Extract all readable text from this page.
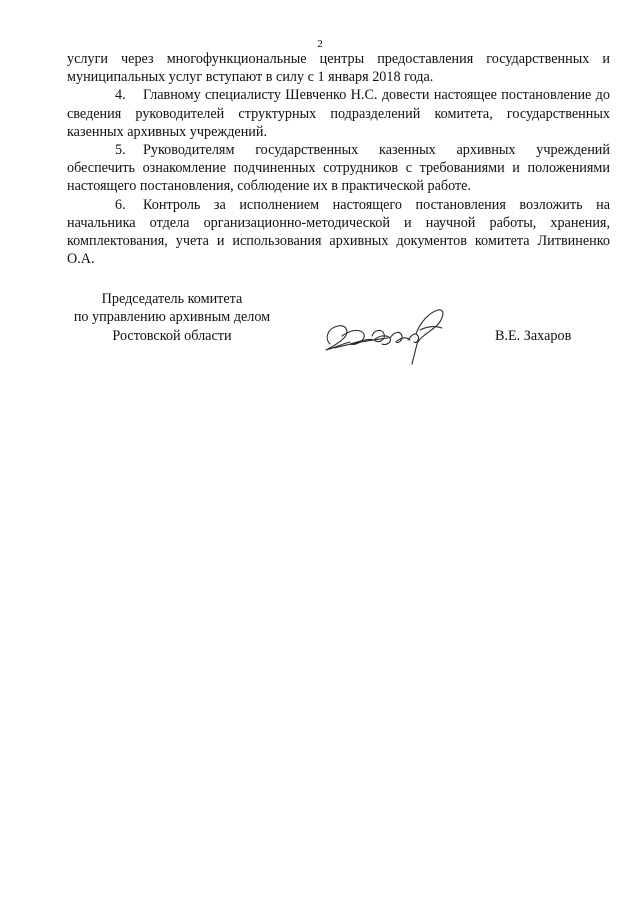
2

услуги через многофункциональные центры предоставления государственных и муниципальных услуг вступают в силу с 1 января 2018 года.

4. Главному специалисту Шевченко Н.С. довести настоящее постановление до сведения руководителей структурных подразделений комитета, государственных казенных архивных учреждений.

5. Руководителям государственных казенных архивных учреждений обеспечить ознакомление подчиненных сотрудников с требованиями и положениями настоящего постановления, соблюдение их в практической работе.

6. Контроль за исполнением настоящего постановления возложить на начальника отдела организационно-методической и научной работы, хранения, комплектования, учета и использования архивных документов комитета Литвиненко О.А.

Председатель комитета
по управлению архивным делом
Ростовской области	В.Е. Захаров
